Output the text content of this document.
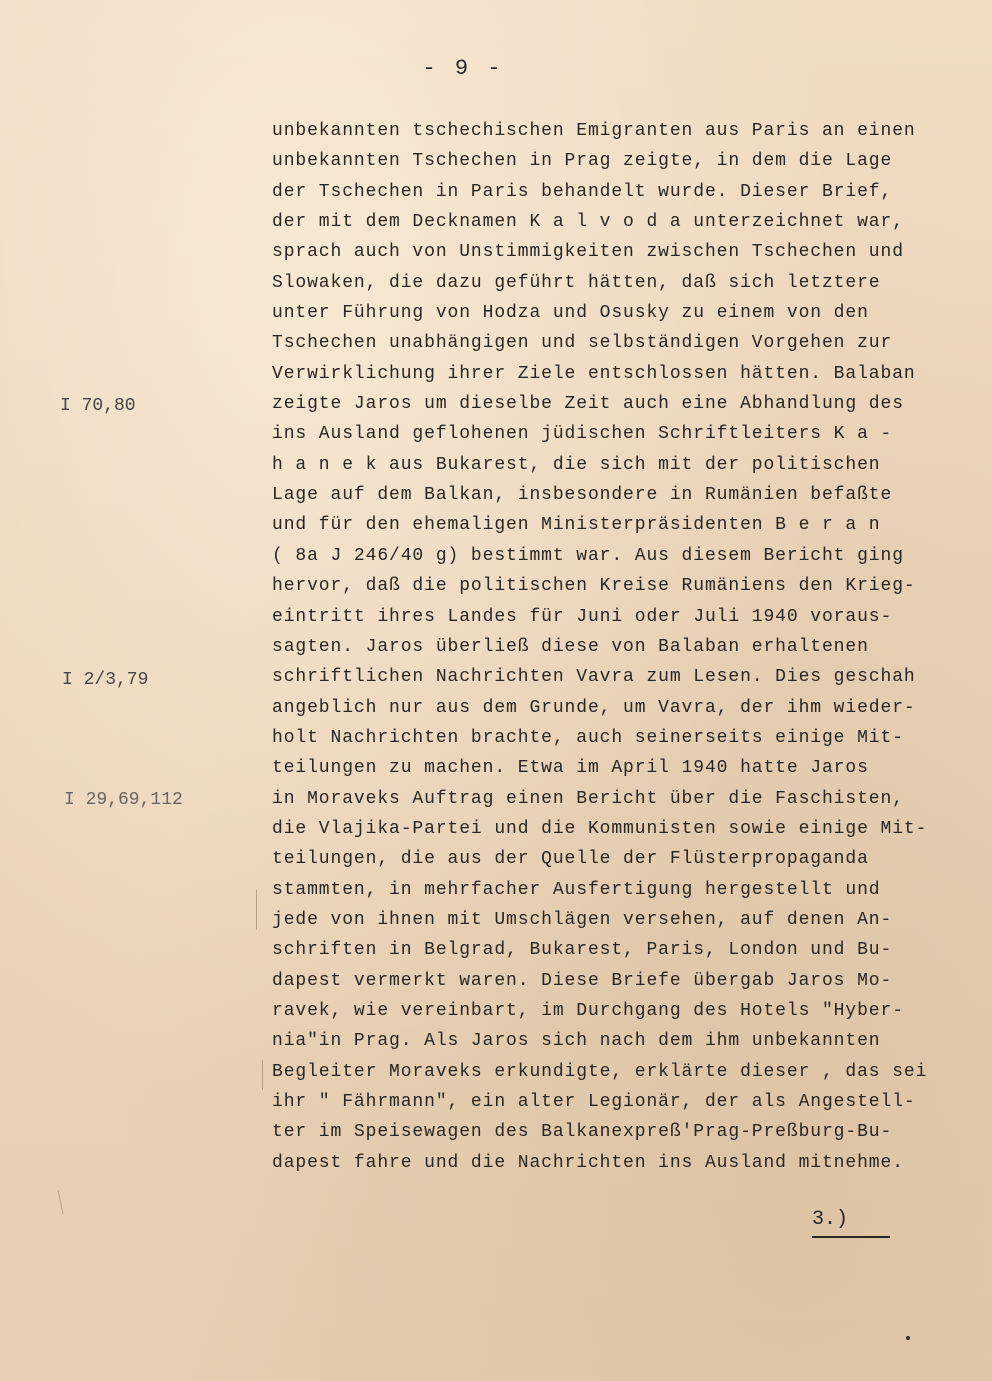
- 9 -
I 70,80
I 2/3,79
I 29,69,112
unbekannten tschechischen Emigranten aus Paris an einen
unbekannten Tschechen in Prag zeigte, in dem die Lage
der Tschechen in Paris behandelt wurde. Dieser Brief,
der mit dem Decknamen K a l v o d a unterzeichnet war,
sprach auch von Unstimmigkeiten zwischen Tschechen und
Slowaken, die dazu geführt hätten, daß sich letztere
unter Führung von Hodza und Osusky zu einem von den
Tschechen unabhängigen und selbständigen Vorgehen zur
Verwirklichung ihrer Ziele entschlossen hätten. Balaban
zeigte Jaros um dieselbe Zeit auch eine Abhandlung des
ins Ausland geflohenen jüdischen Schriftleiters K a -
h a n e k aus Bukarest, die sich mit der politischen
Lage auf dem Balkan, insbesondere in Rumänien befaßte
und für den ehemaligen Ministerpräsidenten B e r a n
( 8a J 246/40 g) bestimmt war. Aus diesem Bericht ging
hervor, daß die politischen Kreise Rumäniens den Krieg-
eintritt ihres Landes für Juni oder Juli 1940 voraus-
sagten. Jaros überließ diese von Balaban erhaltenen
schriftlichen Nachrichten Vavra zum Lesen. Dies geschah
angeblich nur aus dem Grunde, um Vavra, der ihm wieder-
holt Nachrichten brachte, auch seinerseits einige Mit-
teilungen zu machen. Etwa im April 1940 hatte Jaros
in Moraveks Auftrag einen Bericht über die Faschisten,
die Vlajika-Partei und die Kommunisten sowie einige Mit-
teilungen, die aus der Quelle der Flüsterpropaganda
stammten, in mehrfacher Ausfertigung hergestellt und
jede von ihnen mit Umschlägen versehen, auf denen An-
schriften in Belgrad, Bukarest, Paris, London und Bu-
dapest vermerkt waren. Diese Briefe übergab Jaros Mo-
ravek, wie vereinbart, im Durchgang des Hotels "Hyber-
nia"in Prag. Als Jaros sich nach dem ihm unbekannten
Begleiter Moraveks erkundigte, erklärte dieser , das sei
ihr " Fährmann", ein alter Legionär, der als Angestell-
ter im Speisewagen des Balkanexpreß'Prag-Preßburg-Bu-
dapest fahre und die Nachrichten ins Ausland mitnehme.
3.)
